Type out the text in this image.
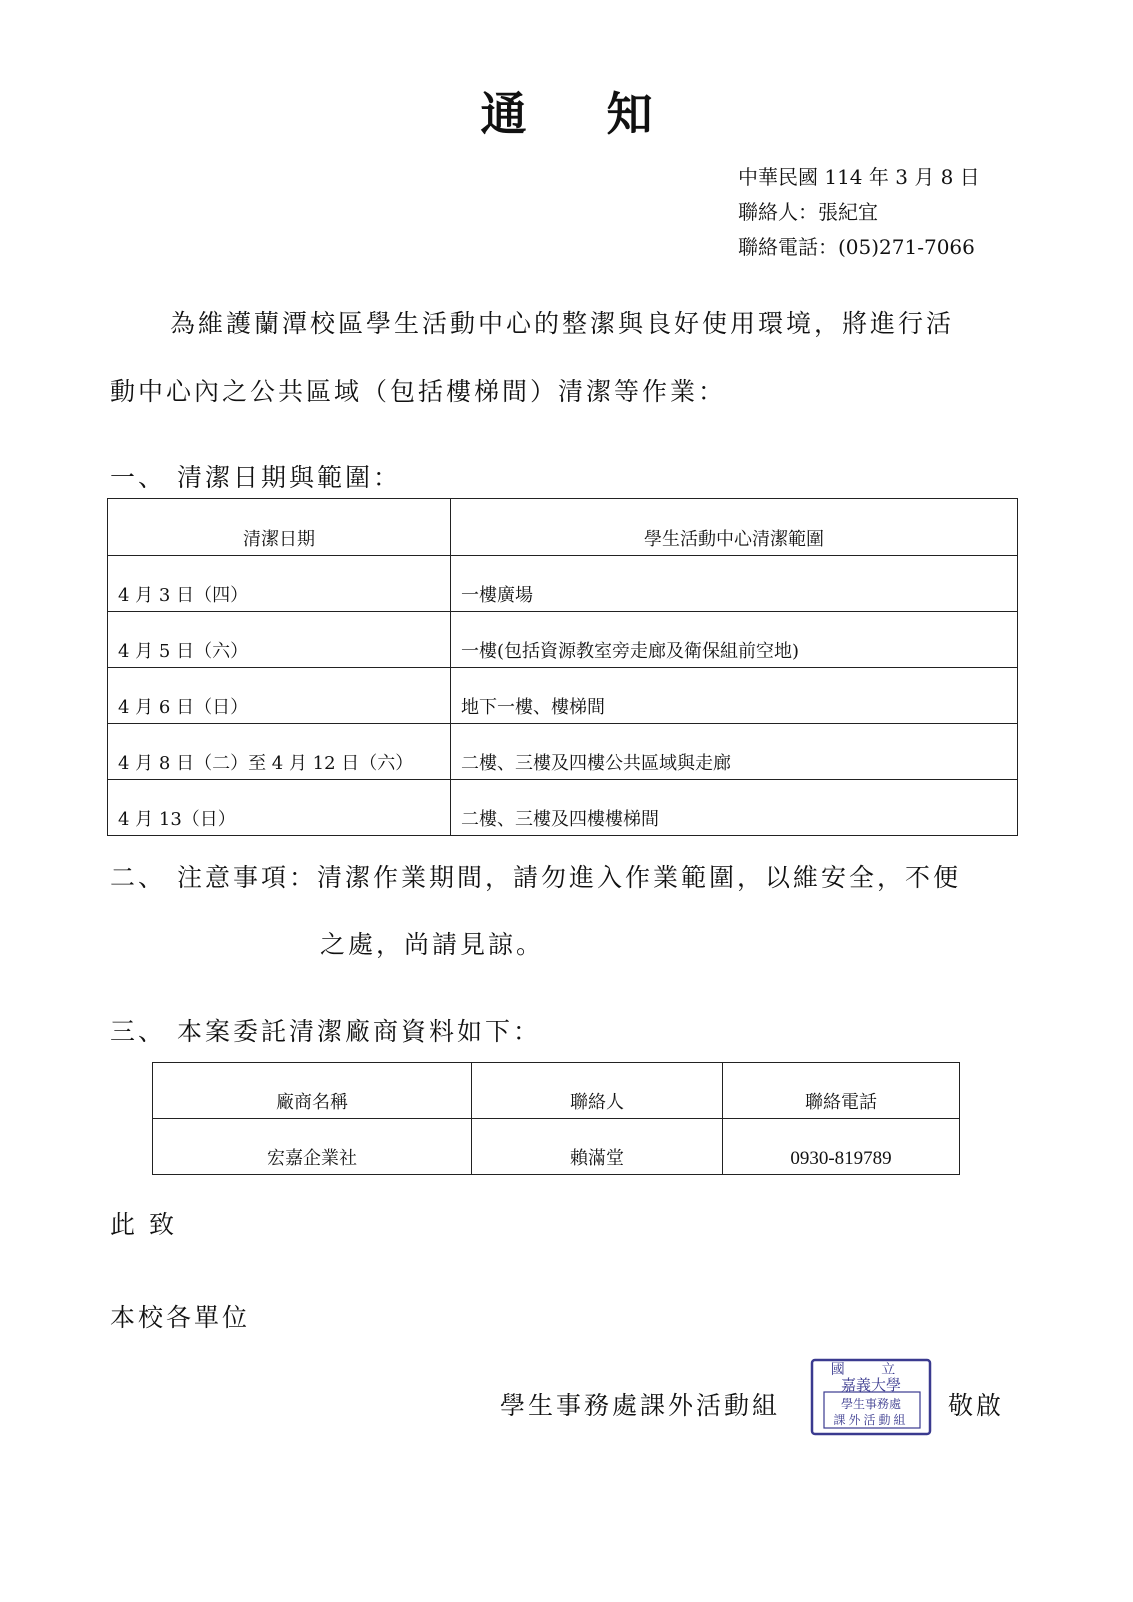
通知
中華民國 114 年 3 月 8 日
聯絡人：張紀宜
聯絡電話：(05)271-7066
為維護蘭潭校區學生活動中心的整潔與良好使用環境，將進行活
動中心內之公共區域（包括樓梯間）清潔等作業：
一、 清潔日期與範圍：
清潔日期	學生活動中心清潔範圍
4 月 3 日（四）	一樓廣場
4 月 5 日（六）	一樓(包括資源教室旁走廊及衛保組前空地)
4 月 6 日（日）	地下一樓、樓梯間
4 月 8 日（二）至 4 月 12 日（六）	二樓、三樓及四樓公共區域與走廊
4 月 13（日）	二樓、三樓及四樓樓梯間
二、 注意事項：清潔作業期間，請勿進入作業範圍，以維安全，不便
之處，尚請見諒。
三、 本案委託清潔廠商資料如下：
廠商名稱	聯絡人	聯絡電話
宏嘉企業社	賴滿堂	0930-819789
此 致
本校各單位
學生事務處課外活動組
國 立
嘉義大學
學生事務處
課外活動組 敬啟
